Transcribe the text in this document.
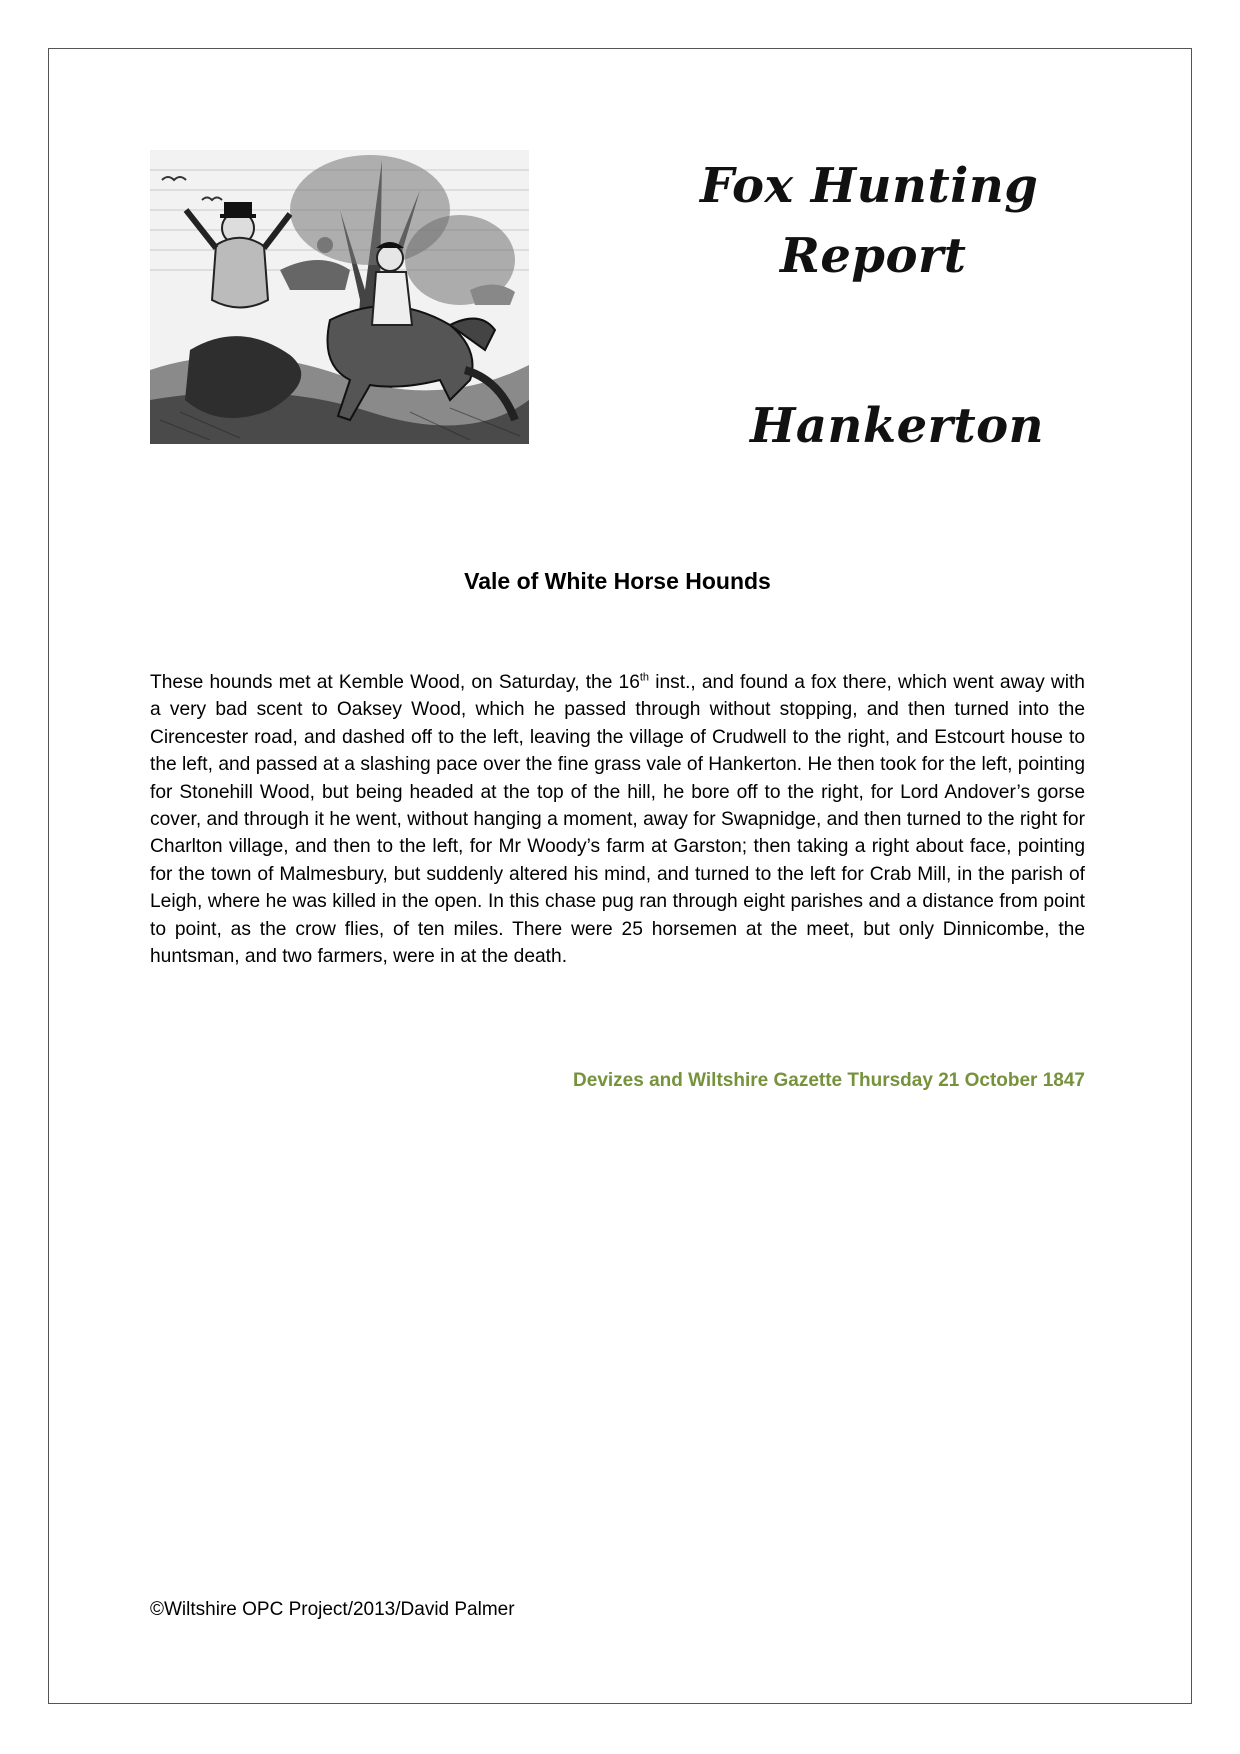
Fox Hunting
Report
Hankerton
Vale of White Horse Hounds

These hounds met at Kemble Wood, on Saturday, the 16th inst., and found a fox there, which went away with a very bad scent to Oaksey Wood, which he passed through without stopping, and then turned into the Cirencester road, and dashed off to the left, leaving the village of Crudwell to the right, and Estcourt house to the left, and passed at a slashing pace over the fine grass vale of Hankerton. He then took for the left, pointing for Stonehill Wood, but being headed at the top of the hill, he bore off to the right, for Lord Andover’s gorse cover, and through it he went, without hanging a moment, away for Swapnidge, and then turned to the right for Charlton village, and then to the left, for Mr Woody’s farm at Garston; then taking a right about face, pointing for the town of Malmesbury, but suddenly altered his mind, and turned to the left for Crab Mill, in the parish of Leigh, where he was killed in the open. In this chase pug ran through eight parishes and a distance from point to point, as the crow flies, of ten miles. There were 25 horsemen at the meet, but only Dinnicombe, the huntsman, and two farmers, were in at the death.

Devizes and Wiltshire Gazette Thursday 21 October 1847
©Wiltshire OPC Project/2013/David Palmer
